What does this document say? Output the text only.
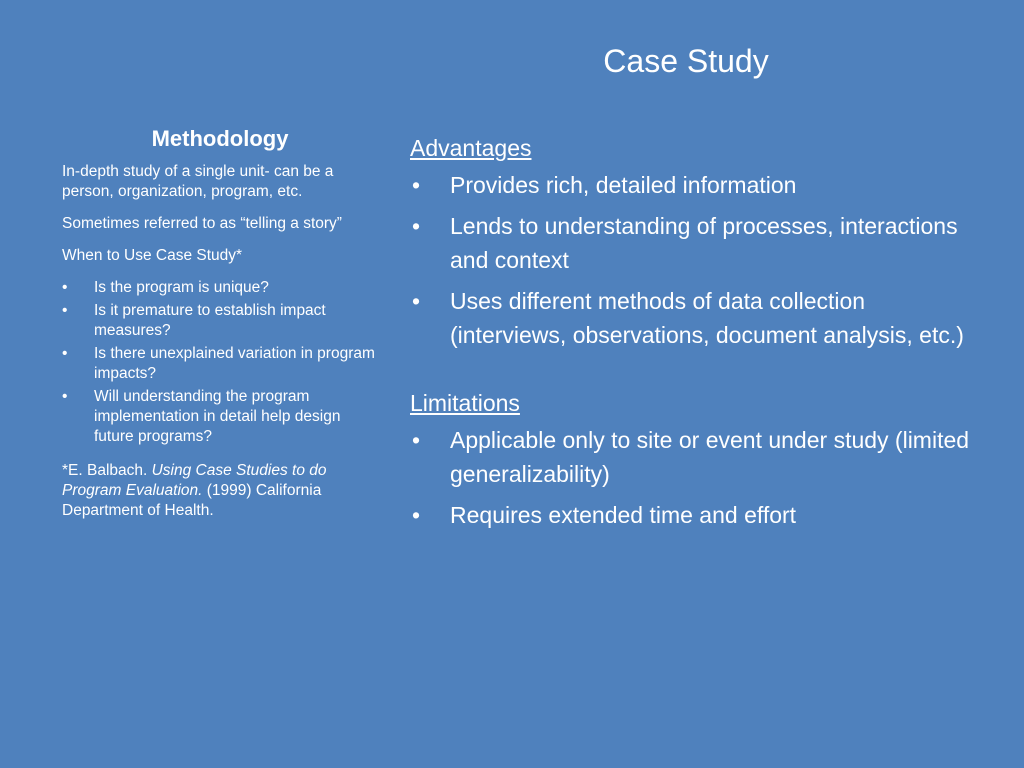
Case Study
Methodology

In-depth study of a single unit- can be a person, organization, program, etc.

Sometimes referred to as “telling a story”

When to Use Case Study*

• Is the program is unique?
• Is it premature to establish impact measures?
• Is there unexplained variation in program impacts?
• Will understanding the program implementation in detail help design future programs?

*E. Balbach. Using Case Studies to do Program Evaluation. (1999) California Department of Health.

Advantages
• Provides rich, detailed information
• Lends to understanding of processes, interactions and context
• Uses different methods of data collection (interviews, observations, document analysis, etc.)
Limitations
• Applicable only to site or event under study (limited generalizability)
• Requires extended time and effort
